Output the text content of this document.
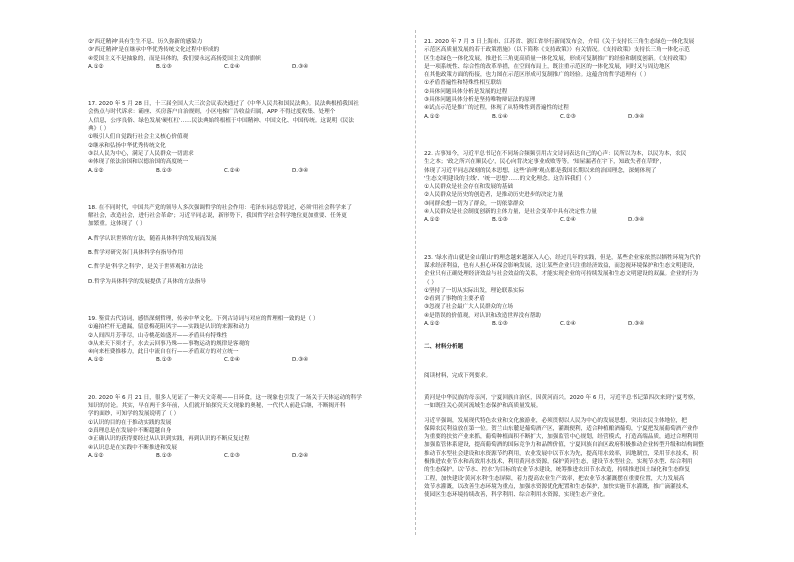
②'西迁精神'具有生生不息、历久弥新的感染力
③'西迁精神'是在继承中华优秀传统文化过程中形成的
④爱国主义不是抽象的，而是具体的，我们要永远高扬爱国主义的旗帜
A.①②	B.①③	C.②④	D.③④
17. 2020 年 5 月 28 日，十三届全国人大三次会议表决通过了《中华人民共和国民法典》。民法典根植我国社
会热点与时代诉求：霸座、买房落户自治规则，小区电梯广告收益归属，APP 不得过度收集、处理个
人信息，公序良俗、绿色发展'硬杠杠'……民法典始终根植于中国精神、中国文化、中国传统。这说明《民法
典》（ ）
①吸引人们自觉践行社会主义核心价值观
②继承和弘扬中华优秀传统文化
③以人民为中心，满足了人民群众一切需求
④体现了依法治国和以德治国的高度统一
A.①②	B.①③	C.②④	D.③④
18. 在不同时代，中国共产党的领导人多次强调哲学的社会作用：毛泽东同志曾说过，必须'用社会科学来了
解社会，改造社会，进行社会革命'；习近平同志说，新形势下，我国哲学社会科学地位更加重要、任务更
加繁重。这体现了（ ）
A.哲学认识世界的方法，随着具体科学的发展而发展
B.哲学对研究各门具体科学有指导作用
C.哲学是'科学之科学'，是关于世界观和方法论
D.哲学为具体科学的发展提供了具体的方法指导
19. 鉴赏古代诗词，感悟深刻哲理，传承中华文化。下列古诗词与对应的哲理相一致的是（ ）
①遍拍栏杆无遗漏，留意梅花阻风宇——实践是认识的来源和动力
②人间四月芳菲尽，山寺桃花始盛开——矛盾具有特殊性
③从来天下须才子，水去云回事乃殊——事物运动的规律是客观的
④向来枉费推移力，此日中流自在行——矛盾双方的对立统一
A.①②	B.①③	C.②④	D.③④
20. 2020 年 6 月 21 日，很多人见证了一种天文奇观——日环食，这一现象也引发了一场关于天体运动的科学
知识的讨论。其实，早在两千多年前，人们就开始探究天文现象的奥秘，一代代人前赴后继，不断揭开科
学的面纱，可知学的发展说明了（ ）
①认识的目的在于推动实践的发展
②真理总是在发展中不断超越自身
③正确认识的获得要经过从认识到实践，再到认识的不断反复过程
④认识总是在实践中不断推进和发展
A.①②	B.①③	C.②③	D.②④
21. 2020 年 7 月 3 日上海市、江苏省、浙江省举行新闻发布会，介绍《关于支持长三角生态绿色一体化发展
示范区高质量发展的若干政策措施》（以下简称《支持政策》）有关情况。《支持政策》支持长三角一体化示范
区生态绿色一体化发展，推进长三角更高质量一体化发展，形成可复制推广的经验和制度创新。《支持政策》
是一项系统性、综合性的改革举措，在空间布局上，既注重示范区的一体化发展，同时又与周边地区
在其他政策方面的衔接，也力图在示范区形成可复制推广的经验。这蕴含的哲学道理有（ ）
①矛盾普遍性和特殊性相互联结
②具体问题具体分析是发展的过程
③具体问题具体分析是坚持唯物辩证法的原理
④试点示范是推广的过程，体现了从特殊性到普遍性的过程
A.①②	B.①④	C.②③	D.③④
22. 古事知今，习近平总书记在不同场合频频引用古文诗词表达自己的心声：民所以为本，以民为本，农民
生之本；'政之所兴在顺民心'，民心向背决定事业成败等等。'知屋漏者在宇下，知政失者在草野'，
体现了习近平同志深刻的民本思想，这些'治理'观点都是我国长期以来的治国理念，深刻体现了
'生态文明建设的主线'、'统一思想'……的文化理念。这告诉我们（ ）
①人民群众是社会存在和发展的基础
②人民群众是历史的创造者，是推动历史进步的决定力量
③同群众想一切为了群众，一切依靠群众
④人民群众是社会制度创新的主体力量，是社会变革中具有决定性力量
A.①②	B.①③	C.②④	D.③④
23. '绿水青山就是金山银山'的理念越来越深入人心，经过几年的实践，但是，某些企业家依然以牺牲环境为代价
谋求经济利益，也有人担心环保会影响发展，这让某些企业只注重经济效益，而忽视环境保护和生态文明建设，
企业只有正确处理经济效益与社会效益的关系，才能实现企业的可持续发展和生态文明建设的双赢。企业的行为
（ ）
①坚持了一切从实际出发，理论联系实际
②看到了事物的主要矛盾
③忽视了社会最广大人民群众的立场
④是错误的价值观，对认识和改造世界没有帮助
A.①②	B.①③	C.②④	D.③④
二、材料分析题
阅读材料，完成下列要求。
黄河是中华民族的母亲河，宁夏回族自治区，因黄河而兴。2020 年 6 月，习近平总书记第四次来到宁夏考察，
一如既往关心黄河流域生态保护和高质量发展。
习近平强调，发展现代特色农业和文化旅游业，必须贯彻以人民为中心的发展思想，突出农民主体地位，把
保障农民利益放在第一位。贺兰山东麓是葡萄酒产区，灌溉便利，适合种植酿酒葡萄，宁夏把发展葡萄酒产业作
为重要的扶贫产业来抓，葡萄种植面积不断扩大，加强监管中心规划，经营模式，打造高端品质，通过合理利用
加强监管体系建设，提高葡萄酒的国际竞争力和品牌价值，宁夏回族自治区政府积极推动企业转型升级和结构调整
推动节水型社会建设和水资源节约利用，农业发展中以节水为先，提高用水效率，因地制宜，采用节水技术，积
极推进农业节水和高效用水技术，利用黄河水资源，保护黄河生态，建设节水型社会，实现节水型、综合利用
的生态保护。以'节水、控水'为目标的农业节水建设，统筹推进农田节水改造，持续推进国土绿化和生态修复
工程，加快建设'黄河水利'生态屏障，着力提高农业生产效率，把农业节水灌溉摆在重要位置，大力发展高
效节水灌溉，以改善生态环境为重点，加强水资源优化配置和生态保护，加快实施节水灌溉，推广滴灌技术，
使园区生态环境持续改善，科学利用、综合利用水资源，实现生态产业化。
